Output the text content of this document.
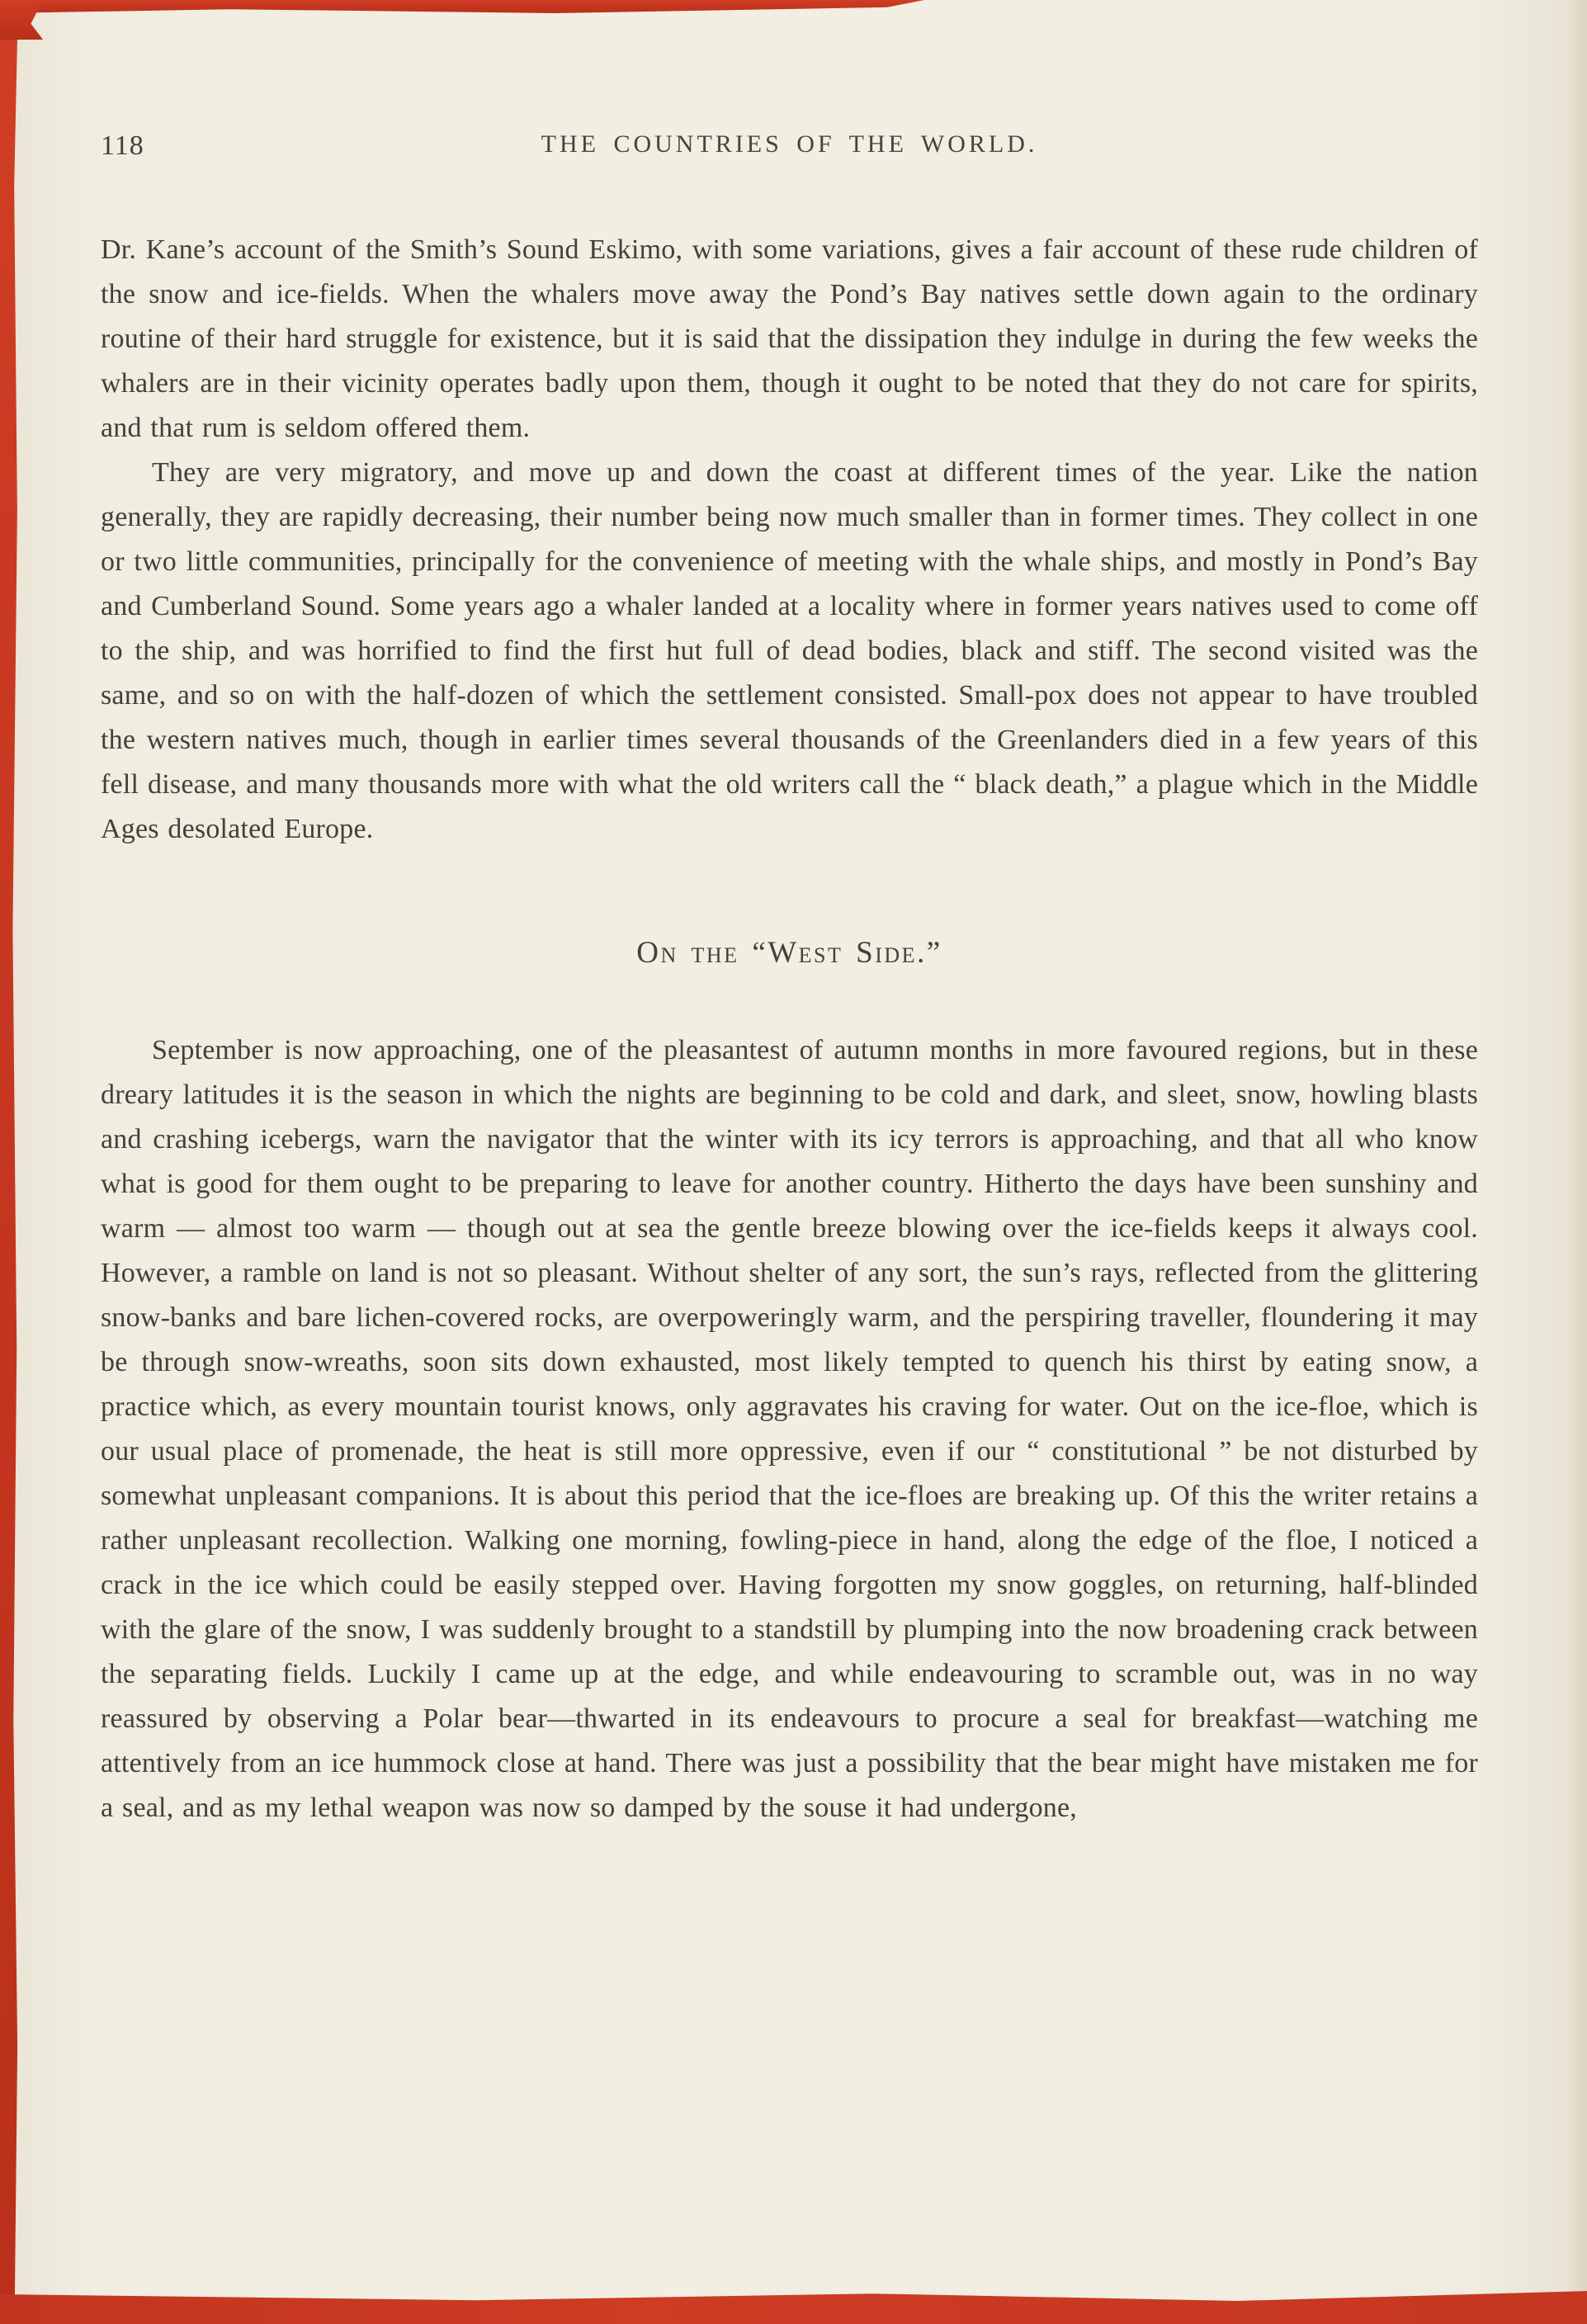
118	THE COUNTRIES OF THE WORLD.

Dr. Kane’s account of the Smith’s Sound Eskimo, with some variations, gives a fair account of these rude children of the snow and ice-fields. When the whalers move away the Pond’s Bay natives settle down again to the ordinary routine of their hard struggle for existence, but it is said that the dissipation they indulge in during the few weeks the whalers are in their vicinity operates badly upon them, though it ought to be noted that they do not care for spirits, and that rum is seldom offered them.

They are very migratory, and move up and down the coast at different times of the year. Like the nation generally, they are rapidly decreasing, their number being now much smaller than in former times. They collect in one or two little communities, principally for the convenience of meeting with the whale ships, and mostly in Pond’s Bay and Cumberland Sound. Some years ago a whaler landed at a locality where in former years natives used to come off to the ship, and was horrified to find the first hut full of dead bodies, black and stiff. The second visited was the same, and so on with the half-dozen of which the settlement consisted. Small-pox does not appear to have troubled the western natives much, though in earlier times several thousands of the Greenlanders died in a few years of this fell disease, and many thousands more with what the old writers call the “ black death,” a plague which in the Middle Ages desolated Europe.

On the “West Side.”

September is now approaching, one of the pleasantest of autumn months in more favoured regions, but in these dreary latitudes it is the season in which the nights are beginning to be cold and dark, and sleet, snow, howling blasts and crashing icebergs, warn the navigator that the winter with its icy terrors is approaching, and that all who know what is good for them ought to be preparing to leave for another country. Hitherto the days have been sunshiny and warm — almost too warm — though out at sea the gentle breeze blowing over the ice-fields keeps it always cool. However, a ramble on land is not so pleasant. Without shelter of any sort, the sun’s rays, reflected from the glittering snow-banks and bare lichen-covered rocks, are overpoweringly warm, and the perspiring traveller, floundering it may be through snow-wreaths, soon sits down exhausted, most likely tempted to quench his thirst by eating snow, a practice which, as every mountain tourist knows, only aggravates his craving for water. Out on the ice-floe, which is our usual place of promenade, the heat is still more oppressive, even if our “ constitutional ” be not disturbed by somewhat unpleasant companions. It is about this period that the ice-floes are breaking up. Of this the writer retains a rather unpleasant recollection. Walking one morning, fowling-piece in hand, along the edge of the floe, I noticed a crack in the ice which could be easily stepped over. Having forgotten my snow goggles, on returning, half-blinded with the glare of the snow, I was suddenly brought to a standstill by plumping into the now broadening crack between the separating fields. Luckily I came up at the edge, and while endeavouring to scramble out, was in no way reassured by observing a Polar bear—thwarted in its endeavours to procure a seal for breakfast—watching me attentively from an ice hummock close at hand. There was just a possibility that the bear might have mistaken me for a seal, and as my lethal weapon was now so damped by the souse it had undergone,
